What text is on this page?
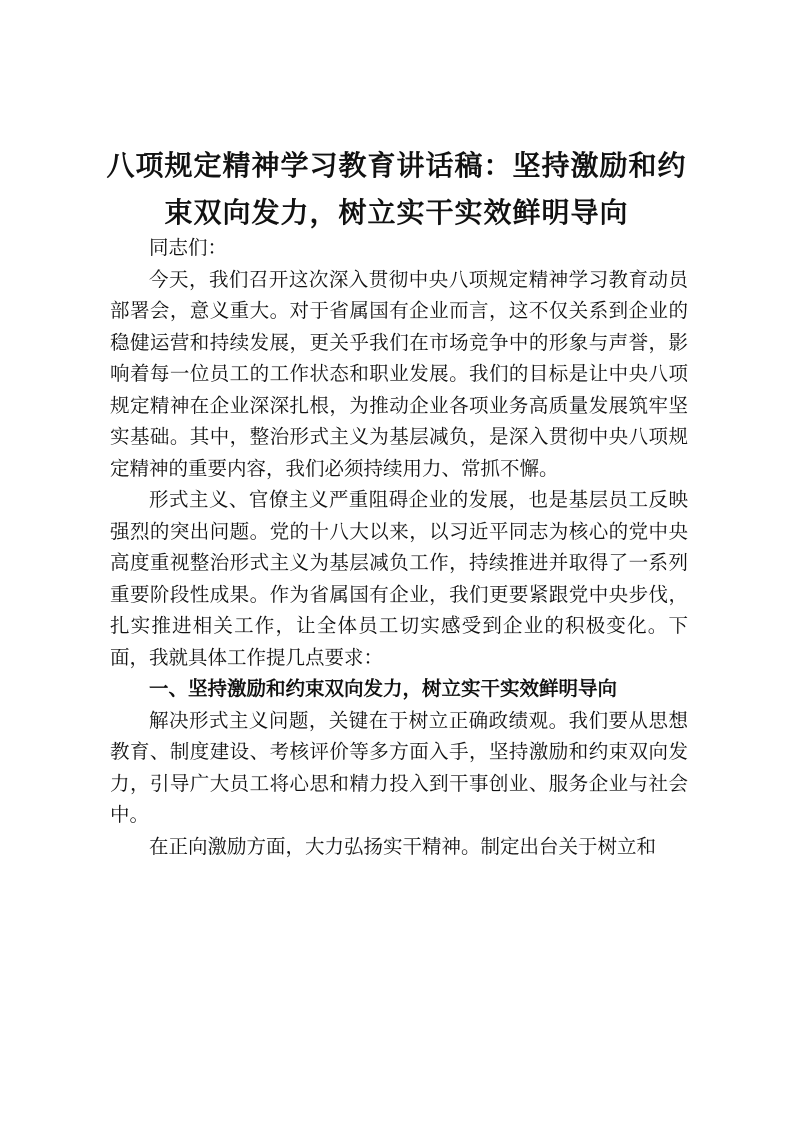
八项规定精神学习教育讲话稿：坚持激励和约束双向发力，树立实干实效鲜明导向

同志们：

今天，我们召开这次深入贯彻中央八项规定精神学习教育动员部署会，意义重大。对于省属国有企业而言，这不仅关系到企业的稳健运营和持续发展，更关乎我们在市场竞争中的形象与声誉，影响着每一位员工的工作状态和职业发展。我们的目标是让中央八项规定精神在企业深深扎根，为推动企业各项业务高质量发展筑牢坚实基础。其中，整治形式主义为基层减负，是深入贯彻中央八项规定精神的重要内容，我们必须持续用力、常抓不懈。

形式主义、官僚主义严重阻碍企业的发展，也是基层员工反映强烈的突出问题。党的十八大以来，以习近平同志为核心的党中央高度重视整治形式主义为基层减负工作，持续推进并取得了一系列重要阶段性成果。作为省属国有企业，我们更要紧跟党中央步伐，扎实推进相关工作，让全体员工切实感受到企业的积极变化。下面，我就具体工作提几点要求：

一、坚持激励和约束双向发力，树立实干实效鲜明导向

解决形式主义问题，关键在于树立正确政绩观。我们要从思想教育、制度建设、考核评价等多方面入手，坚持激励和约束双向发力，引导广大员工将心思和精力投入到干事创业、服务企业与社会中。

在正向激励方面，大力弘扬实干精神。制定出台关于树立和
